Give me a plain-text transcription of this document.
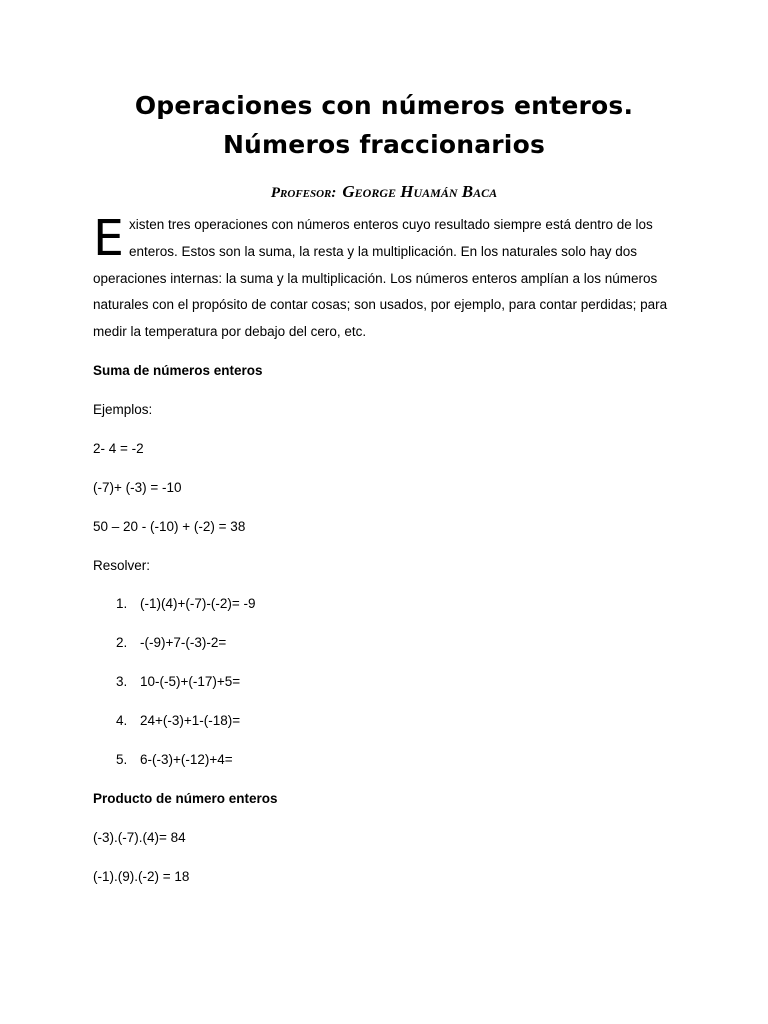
Operaciones con números enteros.
Números fraccionarios
Profesor: George Huamán Baca
Existen tres operaciones con números enteros cuyo resultado siempre está dentro de los enteros. Estos son la suma, la resta y la multiplicación. En los naturales solo hay dos operaciones internas: la suma y la multiplicación. Los números enteros amplían a los números naturales con el propósito de contar cosas; son usados, por ejemplo, para contar perdidas; para medir la temperatura por debajo del cero, etc.
Suma de números enteros
Ejemplos:
2- 4 = -2
(-7)+ (-3) = -10
50 – 20 - (-10) + (-2) = 38
Resolver:
1. (-1)(4)+(-7)-(-2)= -9
2. -(-9)+7-(-3)-2=
3. 10-(-5)+(-17)+5=
4. 24+(-3)+1-(-18)=
5. 6-(-3)+(-12)+4=
Producto de número enteros
(-3).(-7).(4)= 84
(-1).(9).(-2) = 18
